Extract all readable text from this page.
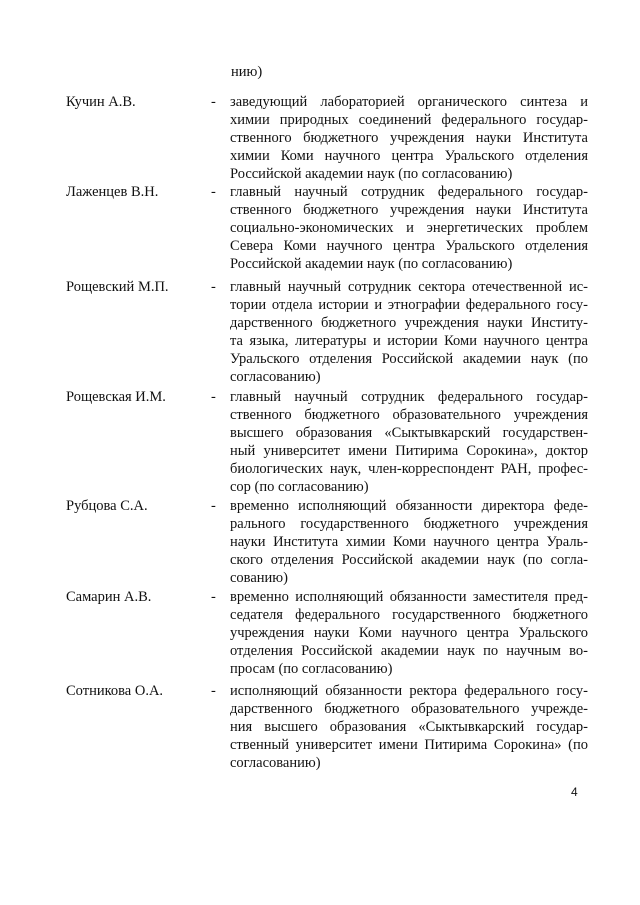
нию)
Кучин А.В.	- заведующий лабораторией органического синтеза и
химии природных соединений федерального государ-
ственного бюджетного учреждения науки Института
химии Коми научного центра Уральского отделения
Российской академии наук (по согласованию)
Лаженцев В.Н.	- главный научный сотрудник федерального государ-
ственного бюджетного учреждения науки Института
социально-экономических и энергетических проблем
Севера Коми научного центра Уральского отделения
Российской академии наук (по согласованию)
Рощевский М.П.	- главный научный сотрудник сектора отечественной ис-
тории отдела истории и этнографии федерального госу-
дарственного бюджетного учреждения науки Институ-
та языка, литературы и истории Коми научного центра
Уральского отделения Российской академии наук (по
согласованию)
Рощевская И.М.	- главный научный сотрудник федерального государ-
ственного бюджетного образовательного учреждения
высшего образования «Сыктывкарский государствен-
ный университет имени Питирима Сорокина», доктор
биологических наук, член-корреспондент РАН, профес-
сор (по согласованию)
Рубцова С.А.	- временно исполняющий обязанности директора феде-
рального государственного бюджетного учреждения
науки Института химии Коми научного центра Ураль-
ского отделения Российской академии наук (по согла-
сованию)
Самарин А.В.	- временно исполняющий обязанности заместителя пред-
седателя федерального государственного бюджетного
учреждения науки Коми научного центра Уральского
отделения Российской академии наук по научным во-
просам (по согласованию)
Сотникова О.А.	- исполняющий обязанности ректора федерального госу-
дарственного бюджетного образовательного учрежде-
ния высшего образования «Сыктывкарский государ-
ственный университет имени Питирима Сорокина» (по
согласованию)
4
